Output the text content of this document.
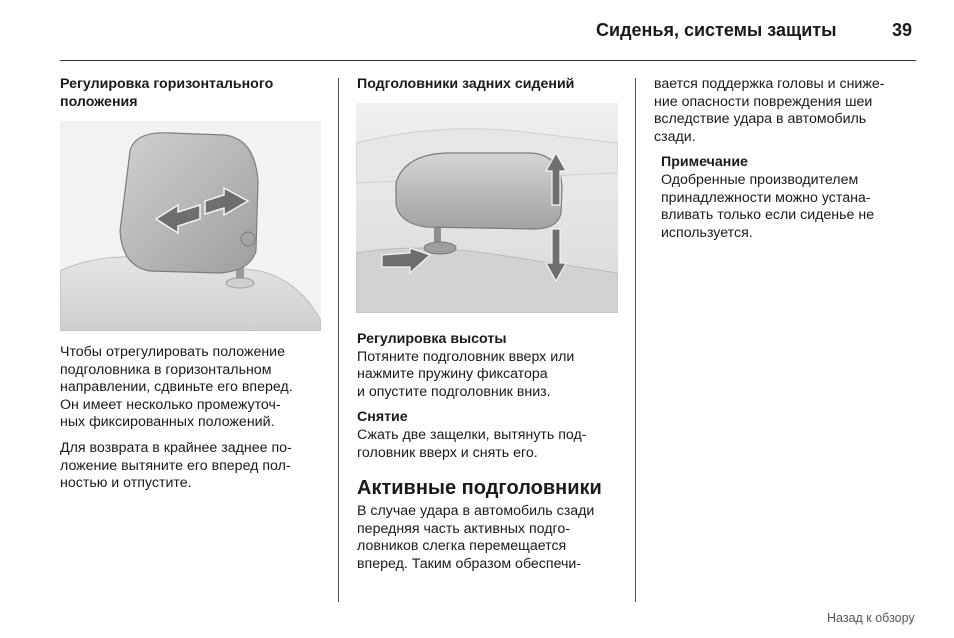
Сиденья, системы защиты	39
Регулировка горизонтального
положения

Чтобы отрегулировать положение
подголовника в горизонтальном
направлении, сдвиньте его вперед.
Он имеет несколько промежуточ-
ных фиксированных положений.

Для возврата в крайнее заднее по-
ложение вытяните его вперед пол-
ностью и отпустите.

Подголовники задних сидений
Регулировка высоты

Потяните подголовник вверх или
нажмите пружину фиксатора
и опустите подголовник вниз.

Снятие

Сжать две защелки, вытянуть под-
головник вверх и снять его.

Активные подголовники

В случае удара в автомобиль сзади
передняя часть активных подго-
ловников слегка перемещается
вперед. Таким образом обеспечи-

вается поддержка головы и сниже-
ние опасности повреждения шеи
вследствие удара в автомобиль
сзади.

Примечание

Одобренные производителем
принадлежности можно устана-
вливать только если сиденье не
используется.

Назад к обзору
